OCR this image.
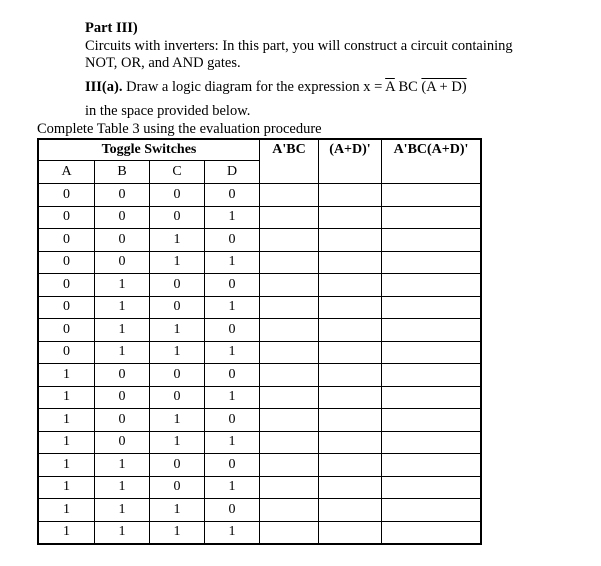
Part III)
Circuits with inverters: In this part, you will construct a circuit containing
NOT, OR, and AND gates.
III(a). Draw a logic diagram for the expression $x = \overline{A}$ BC (A + D)
in the space provided below.
Complete Table 3 using the evaluation procedure
Toggle Switches				A'BC	(A+D)'	A'BC(A+D)'
A	B	C	D			
0	0	0	0			
0	0	0	1			
0	0	1	0			
0	0	1	1			
0	1	0	0			
0	1	0	1			
0	1	1	0			
0	1	1	1			
1	0	0	0			
1	0	0	1			
1	0	1	0			
1	0	1	1			
1	1	0	0			
1	1	0	1			
1	1	1	0			
1	1	1	1			
